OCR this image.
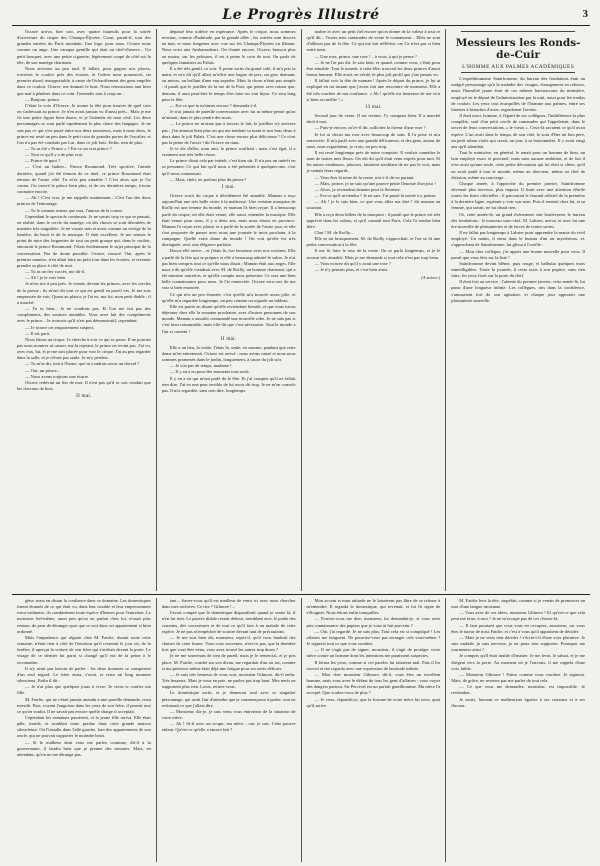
Le Progrès Illustré	3

Octave arriva, hier soir, avec quatre fauteuils pour la soirée d'ouverture du cirque des Champs-Élysées. Ciout, paraît-il, tout des grandes entrées du Paris mondain. Une loge, pour nous. Octave nous comme un ange. Une caraque gentille qui était au chef-d'œuvre... Un petit bouquet, avec une petite cigarette, légèrement coupé de côté sur la tête, de son manège charmant.

Nous arrivons un peu tard. Il fallait, pour gagner nos places, traverser le couloir près des écuries, et l'odeur nous poursuivit, un premier abord, insupportable, à cause de l'échauffement des gens empilés dans ce couloir. Octave, me donnait le bras. Nous réussissions tant bien que mal à pénétrer dans ce coin. J'entendis tout à coup un :

— Bonjour, prince.

C'était la voix d'Octave. Je tourne la tête pour trouver de quel coin on s'adressait au prince. Je n'en avais jamais vu d'aussi près... Mais je me fis une petite figure bien douce, et je l'attendis de mon côté. Les deux personnages se sont parlé rapidement la plus claire des langages. Je ne sais pas ce qui s'est passé entre nos deux messieurs, mais à nous deux, le prince est resté un peu dans le petit coin de grandes portes de l'escalier, et l'on n'a pas été conduits par Lui, dans ce joli bois. Enfin, rien de plus.

— Tu as été « Prince » ? Est-ce un vrai prince ?

— Tout ce qu'il y a de plus vrai.

— Prince de quoi ?

— C'est un Italien... Prince Rosamond. Très sportive, l'année dernière, quand j'ai été témoin de ce duel, ce prince Rosamond était témoin de l'autre côté. Tu m'es peu aimable ? C'est alors que je l'ai connu. J'ai trouvé le prince bien plus, et de ces dernières temps, à nous connaitre encore.

— Ah ! C'est vrai, je me rappelle maintenant... C'est l'un des deux princes de l'entourage.

— Tu le connais mieux que moi, l'amour de la course.

Cependant le spectacle continuait. Je ne savais trop ce qui se passait, en réalité, dans le cercle du manège, où des choses se sont déroulées de manière très singulière. Je ne voyais rien et avais comme un vertige de la lumière, du bruit et de la musique. Il était excellent. Je me sentais le point de mire des lorgnettes de tout un petit groupe qui, dans le couloir, entourait le prince Rosamond. J'étais évidemment le sujet principal de la conversation. Pas de doute possible. Octave, rassuré. Oui, après le premier numéro, n'en allait faire un petit tour dans les écuries, et revenait prendre sa place à côté de moi.

— Tu as un fier succès, me dit-il.

— Ah ! je le vois bien.

Je m'en tire à peu près. Je venais, devant les princes, avec les cercles de la presse ; ils m'ont dit tout ce qui est gentil en pareil cas. Je me suis empressée de voir. Quant au plaisir, je l'ai eu, ma foi, mon petit diable ; il a marché.

— Tu es bien... Je ne voudrais pas. Et l'on me fait pas des compliments, des sourires aimables. Vous avez fait des compliments avec le prince... Je trouvais qu'il n'est pas démonstratif, cependant.

— Je trouve cet emportement suspect.

— Il est parti.

Nous étions au cirque. Je cherche à voir ce qui se passe. Il ne pouvait pas nous montrer ni causer, me la rejetant, le prince ne revint pas. J'ai vu, avec eux, lui, et je me suis placée pour voir le cirque. J'ai au peu regarder dans la salle, et je n'étais pas seule. Je m'y perdais.

— Tu m'as dit, tout à l'heure, que tu voudrais avoir un cheval ?

— Oui, un prince...

— Nous avons toujours une écurie.

Octave redevint un fier de moi. Il n'est pas qu'il se soit conduit que les chevaux de bois.

II mai.

dépassé leur toilette en espérance. Après le cirque, nous sommes revenus, comme d'habitude, par la grande allée ; les soirées sont douces en mai, et nous longeons avec vue sur les Champs-Élysées en flânant. Nous voici aux Ambassadeurs. On chante encore, Octave, bonsoir plus ou moins, sur les pelouses, il est à peine le coin de tout. On parle de quelques fantaisies au Palais.

Il a été très gentil, ce soir. À peine sortis du grand café, il m'a pris la main, et m'a dit qu'il allait m'offrir une bague de prix, un gros diamant, ou mieux, un brillant d'une eau superbe. Mais la chose n'était pas simple : il paraît que le joaillier de la rue de la Paix, qui pense avec raison que, demain, il aura peut-être le temps d'en faire un vrai bijou. Ce sera long pour la fête.

— Est-ce que tu m'aimes encore ? demanda-t-il.

Je n'ai jamais de pareille conversation avec lui ni même pensé qu'on m'aimait, dans le plus tendre des mots.

— Le prince ne m'aime pas à travers le fait, le joaillier n'y arrivera pas ; j'en aimerai bien plus un qui me tendrait sa main et nos bras deux à deux dans le joli Palais. C'est une chose encore plus délicieuse ! Ce n'est pas la peine de l'avoir ! dit Octave en riant.

Je te dis d'aller, mon ami, le prince souffrait ; mais c'est égal, il a vraiment une très belle chose.

Le prince disait cela par intérêt, c'est bien sûr. Il n'a pas un intérêt en sa personne. Ce qui fait qu'il nous a été présentés à quelques-uns, c'est qu'il nous connaissait.

— Mais, chéri, ne parlons plus du prince !

I mai.

Octave sortit du cirque à décidément été aimable. Maman a reçu aujourd'hui une très belle visite à la maîtresse. Une certaine marquise de Roilly est une femme du monde, et maman l'a bien reçue. Il a beaucoup parlé du cirque, où elle était venue, elle aussi, entendre la musique. Elle était venue pour nous, il y a deux ans, mais nous étions en province. Maman l'a reçue avec plaisir et a parlé de la soirée de l'autre jour, et elle s'est proposée de passer avec nous une journée le mois prochain, à la campagne. Quelle vraie dame du monde ! On voit qu'elle est très distinguée, avec une élégance parfaite.

Douce elle arrive... et j'étais là, fort heureuse avec nos voisines. Elle a parlé de la fête qui se prépare et elle a beaucoup admiré le salon. Je n'ai pas bien compris tout ce qu'elle nous disait ; Maman était aux anges. Elle nous a dit qu'elle viendrait avec M. de Roilly, un homme charmant, qui a été ministre autrefois, et qu'elle compte nous présenter. Ce sera une bien belle connaissance pour nous. Je l'ai remerciée. Octave sera ravi de me voir si bien entourée.

Ce qui m'a un peu étonnée, c'est qu'elle m'a trouvée assez jolie, et qu'elle m'a regardée longtemps, un peu comme on regarde un tableau.

Elle est partie en disant qu'elle reviendrait bientôt, et que nous irions déjeuner chez elle la semaine prochaine, avec d'autres personnes de son monde. Maman a aussitôt commandé une nouvelle robe. Je ne sais pas si c'est bien raisonnable, mais elle dit que c'est nécessaire. Tout le monde a l'air si content !

II mai.

Elle a un lieu, la voûte. J'étais là, seule, en somme, pendant que cette dame m'en entretenait. Octave est arrivé ; nous avons causé et nous nous sommes promenés dans le jardin, longuement, à cause du joli soir.

— Je n'ai pas de temps, madame !

— Il y en a eu pour des moments tout seuls.

Il y en a eu qui m'ont parlé de la fête. Et j'ai compris qu'il ne fallait rien dire. J'ai eu une peur terrible de lui avoir dit trop. Je ne m'en console pas. Il m'a regardée, sans rien dire, longtemps.

maître et avec un petit fiel encore qu'on donne de la valeur à tout ce qu'il dit... Toutes mes camarades de vente le connaissent... Elles ne sont d'ailleurs pas de la fête. Ce qui me fait réfléchir, car Ce n'est pas si bien entre nous.

— Une rose, prince, une rose !... à vous, à qui je pense ?

— Je ne l'ai pas dit. Je sais bien, et quand, comme vous, c'était pour être aimable. Tout le monde, à cette fête, trouvait les deux princes d'aussi bonne humeur. Elle avait, en vérité, le plus joli profil que j'aie jamais vu.

Il fallait voir la tête de maman ! Après le départ du prince, je lui ai expliqué en un instant que j'avais fait une rencontre de monsieur. Elle a été très touchée de ma confiance. « Ah ! qu'elle est heureuse de me voir si bien accueillie ! »

13 mai.

Second jour de vente. Il est revenu. J'y comptais bien. Il a marché droit à moi.

— Puis-je encore, m'a-t-il dit, solliciter la faveur d'une rose ?

Je lui ai choisi ma rose avec beaucoup de soin. Il l'a prise et m'a remerciée. Il m'a parlé avec une grande délicatesse, et des gens, autour de nous, nous regardaient, je crois, un peu trop.

Il est resté longtemps près de notre comptoir. Il voulait connaître le nom de toutes mes fleurs. On eût dit qu'il était venu exprès pour moi. Et les autres vendeuses, jalouses, faisaient semblant de ne pas le voir, mais je sentais leurs regards.

— Vous êtes la reine de la vente, m'a-t-il dit en partant.

— Mais, prince, je ne suis qu'une pauvre petite fleuriste d'un jour !

— Alors, je reviendrai demain pour la fleuriste.

— Est-ce qu'il reviendra ? Je ne sais. J'ai passé la soirée à y penser.

— Ah ! je le sais bien, ce que vous allez me dire ! dit maman en souriant.

Elle a reçu deux billets de la marquise ; il paraît que le prince est très apprécié dans les salons, et qu'il connaît tout Paris. Cela l'a rendue bien fière.

Chut ! M. de Roilly...

Elle se tut brusquement. M. de Roilly s'approchait, et l'on se fit une petite conversation à la fête.

Il me fit faire le tour de la vente. On se parla longtemps, et je le trouvai très aimable. Mais je me demande si tout cela n'est pas trop beau.

— Vous m'avez dit qu'il y avait une rose ?

— Je n'y pensais plus, et c'est bien ainsi.

(A suivre.)

Messieurs les Ronds-de-Cuir

L'HOMME AUX PALMES ACADÉMIQUES

L'expéditionnaire Saintfromme, du bureau des fondations était un malgré personnage qu'à la maladie des visages, étrangement en rebours, aussi l'humilité jaune était de ces mêmes bureaucrates du ministère, employé en le départ de l'administration par la nuit, aussi pour les rondes de couloir. Les yeux tout écarquillés de l'homme aux palmes, entre ses lunettes à branches d'acier, regardaient l'avenir.

Il était mort, homme, à l'égard de ses collègues, l'indifférence la plus complète, sauf d'un petit cercle de camarades qui l'appelaient, dans le secret de leurs conversations, « le vieux ». Ceux-là savaient ce qu'il avait espéré. L'un avait dans le temps, de son côté, le soin d'être un bon père, un petit ruban violet qui serait, un jour, à sa boutonnière. Il y avait vingt ans qu'il attendait.

Tout le ministère, en général, le tenait pour un homme de bien, un bon employé exact et ponctuel, mais sans aucune ambition, et de fait il n'en avait qu'une seule, cette petite décoration qui lui était si chère, qu'il en avait parlé à tout le monde, même au directeur, même au chef de division, même au concierge.

Chaque année, à l'approche du premier janvier, Saintfromme devenait plus nerveux, plus inquiet. Il lisait avec une attention fébrile toutes les listes officielles ; il parcourait le Journal officiel de la première à la dernière ligne, espérant y voir son nom. Puis il rentrait chez lui, et sa femme, qui savait, ne lui disait rien.

Or, cette année-là, un grand événement vint bouleverser le bureau des fondations : le nouveau sous-chef, M. Lahrier, arriva, et avec lui une ère nouvelle de plaisanteries et de farces de toutes sortes.

Il ne fallut pas longtemps à Lahrier pour apprendre la manie du vieil employé. Un matin, il entra dans le bureau d'un air mystérieux, et, s'approchant de Saintfromme, lui glissa à l'oreille :

— Mon cher collègue, j'ai appris une bonne nouvelle pour vous. Il paraît que vous êtes sur la liste !

Saintfromme devint blême, puis rouge, et balbutia quelques mots inintelligibles. Toute la journée, il resta assis à son pupitre, sans rien faire, les yeux fixés sur la porte du chef.

Il était fort au service ; l'attente du premier janvier, cette année-là, lui parut d'une longueur infinie. Les collègues, mis dans la confidence, s'amusaient fort de son agitation, et chaque jour apportait une plaisanterie nouvelle.

gêne, mais en disant la confiance dans ce domaine. Les domestiques furent étonnés de ce qui était vu, dans leur trouble et leur empressement extra-ordinaire, ils combinèrent toute espèce d'heures pour l'entretien. Le monsieur bel-même, aussi peu qu'on en parlait chez lui, n'osait plus remuer, de peur de déranger quoi que ce soit dans cet appartement si bien ordonné.

Mais l'impatience qui régnait chez M. Fairlie, durant toute cette semaine, n'était rien à côté de l'émotion qu'il ressentit le jour où, de la fenêtre, il aperçut la voiture de son frère qui s'arrêtait devant la porte. Le visage de ce dernier lui parut si changé qu'il eut de la peine à le reconnaître.

Il n'y avait pas besoin de parler : les deux hommes se comprirent d'un seul regard. Le frère entra, s'assit, et resta un long moment silencieux. Enfin il dit :

— Je n'ai plus que quelques jours à vivre. Je viens te confier ma fille.

M. Fairlie, qui ne s'était jamais attendu à une pareille demande, resta interdit. Puis, voyant l'angoisse dans les yeux de son frère, il promit tout ce qu'on voulut. Il ne savait pas encore quelle charge il acceptait.

Cependant les semaines passèrent, et la jeune fille arriva. Elle était pâle, timide, et semblait toute perdue dans cette grande maison silencieuse. On l'installa dans l'aile gauche, loin des appartements de son oncle, qui ne pouvait supporter le moindre bruit.

— Si le malheur dont vous me parlez continue, dit-il à la gouvernante, il faudra bien que je prenne des mesures. Mais, en attendant, qu'on ne me dérange pas.

tant... Savez-vous qu'il est meilleur de venir ici avec nous chercher dans mes archives. Ce rire ? Gilmore !...

J'avais compté que le domestique disparaîtrait quand je serais là, il n'en fut rien. Le pauvre diable restait debout, tremblant avec le poids des coussins, des couvertures et de tout ce qu'il faut à un malade de cette espèce. Je ne pus m'empêcher de sourire devant tant de précautions.

— Je me suis bien dit, monsieur, reprit-il, qu'il vous faudrait des chaises de cette forme. Vous vous souvenez, n'est-ce pas, que la dernière fois que vous êtes venu, vous avez trouvé les autres trop dures ?

Je ne me souvenais de rien de pareil, mais je le remerciai, et je pris place. M. Fairlie, couché sur son divan, me regardait d'un air las, comme si ma présence même était déjà une fatigue pour ses nerfs délicats.

— Je suis très heureux de vous voir, monsieur Gilmore, dit-il enfin. Très heureux. Mais je vous en prie, ne parlez pas trop haut. Mes nerfs ne supportent plus rien. Louis, retirez-vous.

Le domestique sortit, et je demeurai seul avec ce singulier personnage, qui avait l'air d'attendre que je commençasse à parler, tout en redoutant ce que j'allais dire.

— Monsieur, dis-je, je suis venu vous entretenir de la situation de votre nièce.

— Ah ! fit-il avec un soupir, ma nièce... oui, je sais. Cette pauvre enfant. Qu'est-ce qu'elle a encore fait ?

Mon accent et mon attitude ne le laissèrent pas libre de se refuser à m'entendre. Il regarda le domestique, qui revenait, et lui fit signe de s'éloigner. Nous étions enfin tranquilles.

— Pouvez-vous me dire, monsieur, lui demandai-je, si vous avez pris connaissance des papiers que je vous ai fait parvenir ?

— Oui, j'ai regardé. Je ne sais plus. Tout cela est si compliqué ! Les affaires me fatiguent. Ne pourriez-vous pas arranger cela vous-même ? Je signerai tout ce que vous voudrez.

— Il ne s'agit pas de signer, monsieur, il s'agit de protéger votre nièce contre un homme dont les intentions me paraissent suspectes.

Il ferma les yeux, comme si ces paroles lui faisaient mal. Puis il les rouvrit et me regarda avec une expression de lassitude infinie.

— Mon cher monsieur Gilmore, dit-il, vous êtes un excellent homme, mais vous avez le défaut de tous les gens d'affaires : vous voyez des dangers partout. Sir Percival est un parfait gentilhomme. Ma nièce l'a accepté. Que voulez-vous de plus ?

— Je veux, répondis-je, que la fortune de votre nièce lui reste, quoi qu'il arrive.

M. Fairlie leva la tête, stupéfait, comme si je venais de prononcer un mot d'une langue inconnue.

— Vous avez de ces idées, monsieur Gilmore ! Et qu'est-ce que cela peut me faire, à moi ? Je ne m'occupe pas de ces choses-là.

— Il faut pourtant que vous vous en occupiez, monsieur, car vous êtes le tuteur de miss Fairlie, et c'est à vous qu'il appartient de décider.

— Mais je ne veux rien décider ! s'écria-t-il d'une voix plaintive. Je suis malade, je suis nerveux, je ne peux rien supporter. Pourquoi me tourmenter ainsi ?

Je compris qu'il était inutile d'insister. Je me levai, le saluai, et je me dirigeai vers la porte. Au moment où je l'ouvrais, il me rappela d'une voix faible.

— Monsieur Gilmore ! Faites comme vous voudrez. Je signerai. Mais, de grâce, ne revenez pas me parler de tout cela.

— Ce que vous me demandez, monsieur, est impossible. Je reviendrai.

Je sortis, laissant ce malheureux égoïste à ses coussins et à ses flacons.
